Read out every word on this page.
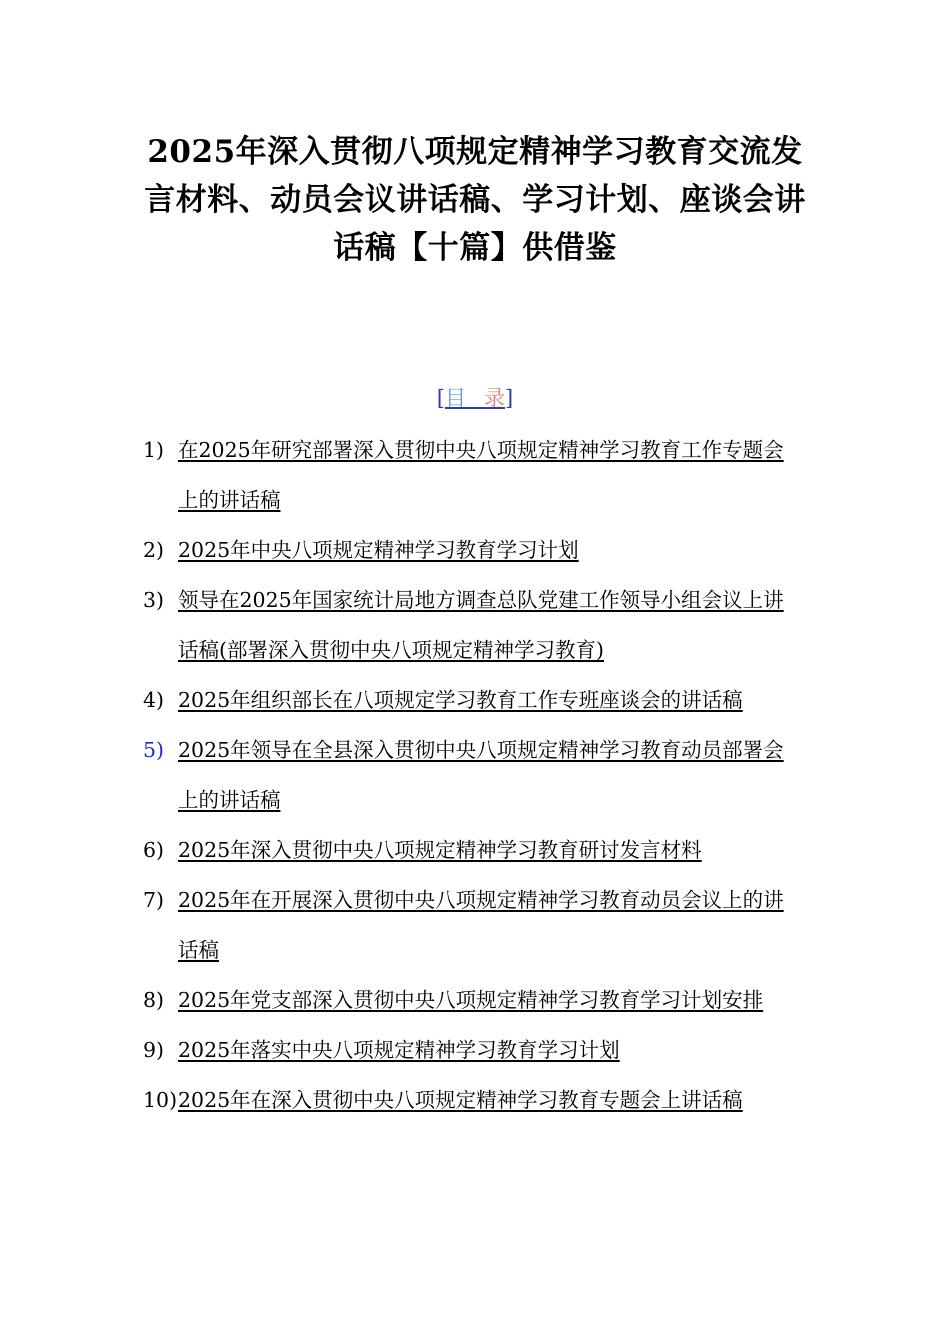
2025年深入贯彻八项规定精神学习教育交流发言材料、动员会议讲话稿、学习计划、座谈会讲话稿【十篇】供借鉴
[目录]
1) 在2025年研究部署深入贯彻中央八项规定精神学习教育工作专题会上的讲话稿
2) 2025年中央八项规定精神学习教育学习计划
3) 领导在2025年国家统计局地方调查总队党建工作领导小组会议上讲话稿(部署深入贯彻中央八项规定精神学习教育)
4) 2025年组织部长在八项规定学习教育工作专班座谈会的讲话稿
5) 2025年领导在全县深入贯彻中央八项规定精神学习教育动员部署会上的讲话稿
6) 2025年深入贯彻中央八项规定精神学习教育研讨发言材料
7) 2025年在开展深入贯彻中央八项规定精神学习教育动员会议上的讲话稿
8) 2025年党支部深入贯彻中央八项规定精神学习教育学习计划安排
9) 2025年落实中央八项规定精神学习教育学习计划
10) 2025年在深入贯彻中央八项规定精神学习教育专题会上讲话稿
